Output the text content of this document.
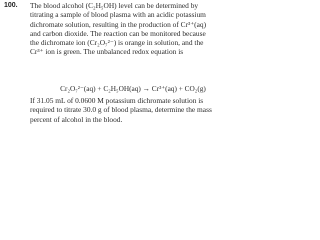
100. The blood alcohol (C₂H₅OH) level can be determined by
titrating a sample of blood plasma with an acidic potassium
dichromate solution, resulting in the production of Cr³⁺(aq)
and carbon dioxide. The reaction can be monitored because
the dichromate ion (Cr₂O₇²⁻) is orange in solution, and the
Cr³⁺ ion is green. The unbalanced redox equation is
Cr₂O₇²⁻(aq) + C₂H₅OH(aq) → Cr³⁺(aq) + CO₂(g)
If 31.05 mL of 0.0600 M potassium dichromate solution is
required to titrate 30.0 g of blood plasma, determine the mass
percent of alcohol in the blood.
